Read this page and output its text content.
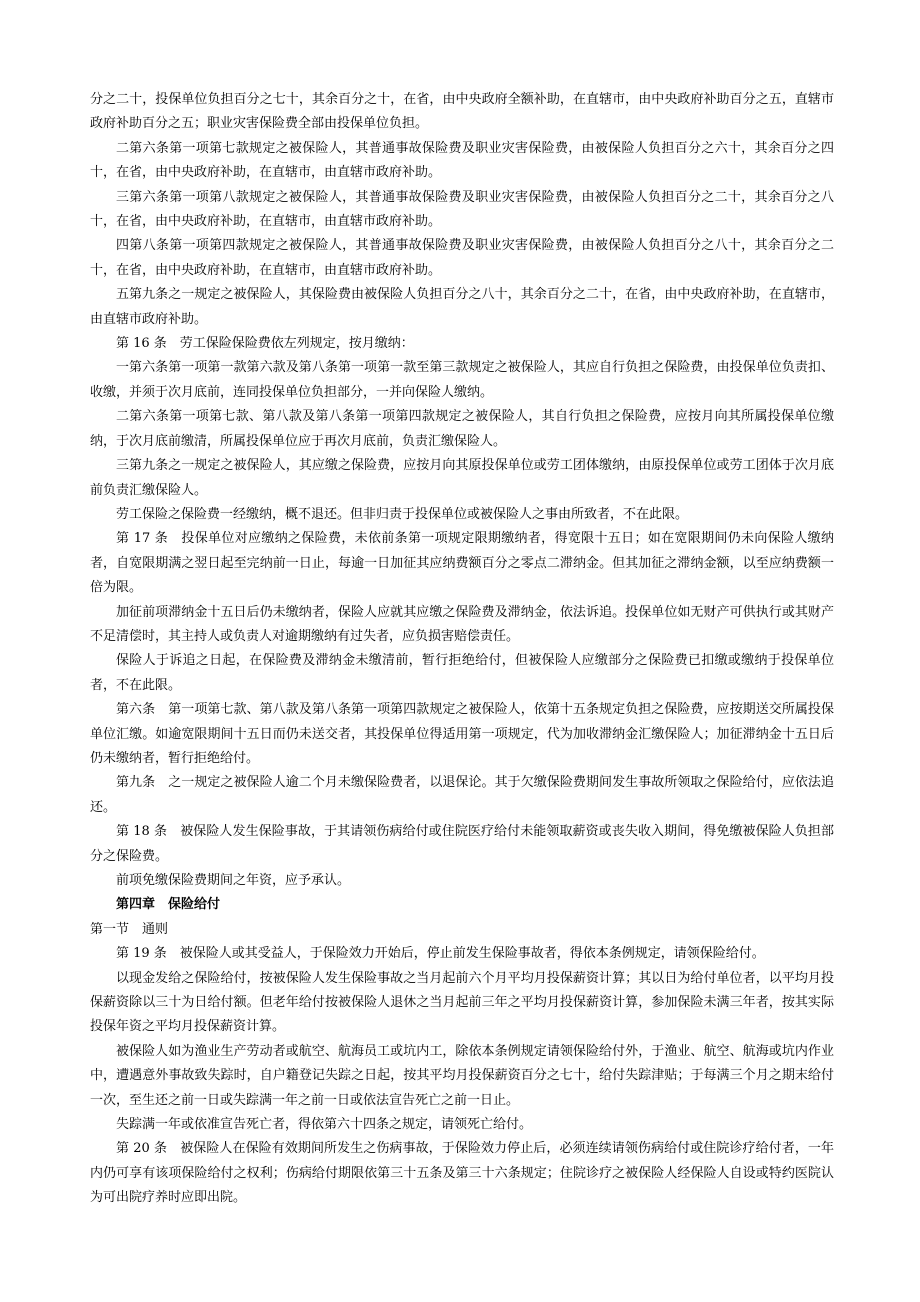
分之二十，投保单位负担百分之七十，其余百分之十，在省，由中央政府全额补助，在直辖市，由中央政府补助百分之五，直辖市政府补助百分之五；职业灾害保险费全部由投保单位负担。

二第六条第一项第七款规定之被保险人，其普通事故保险费及职业灾害保险费，由被保险人负担百分之六十，其余百分之四十，在省，由中央政府补助，在直辖市，由直辖市政府补助。

三第六条第一项第八款规定之被保险人，其普通事故保险费及职业灾害保险费，由被保险人负担百分之二十，其余百分之八十，在省，由中央政府补助，在直辖市，由直辖市政府补助。

四第八条第一项第四款规定之被保险人，其普通事故保险费及职业灾害保险费，由被保险人负担百分之八十，其余百分之二十，在省，由中央政府补助，在直辖市，由直辖市政府补助。

五第九条之一规定之被保险人，其保险费由被保险人负担百分之八十，其余百分之二十，在省，由中央政府补助，在直辖市，由直辖市政府补助。

第 16 条　劳工保险保险费依左列规定，按月缴纳：

一第六条第一项第一款第六款及第八条第一项第一款至第三款规定之被保险人，其应自行负担之保险费，由投保单位负责扣、收缴，并须于次月底前，连同投保单位负担部分，一并向保险人缴纳。

二第六条第一项第七款、第八款及第八条第一项第四款规定之被保险人，其自行负担之保险费，应按月向其所属投保单位缴纳，于次月底前缴清，所属投保单位应于再次月底前，负责汇缴保险人。

三第九条之一规定之被保险人，其应缴之保险费，应按月向其原投保单位或劳工团体缴纳，由原投保单位或劳工团体于次月底前负责汇缴保险人。

劳工保险之保险费一经缴纳，概不退还。但非归责于投保单位或被保险人之事由所致者，不在此限。

第 17 条　投保单位对应缴纳之保险费，未依前条第一项规定限期缴纳者，得宽限十五日；如在宽限期间仍未向保险人缴纳者，自宽限期满之翌日起至完纳前一日止，每逾一日加征其应纳费额百分之零点二滞纳金。但其加征之滞纳金额，以至应纳费额一倍为限。

加征前项滞纳金十五日后仍未缴纳者，保险人应就其应缴之保险费及滞纳金，依法诉追。投保单位如无财产可供执行或其财产不足清偿时，其主持人或负责人对逾期缴纳有过失者，应负损害赔偿责任。

保险人于诉追之日起，在保险费及滞纳金未缴清前，暂行拒绝给付，但被保险人应缴部分之保险费已扣缴或缴纳于投保单位者，不在此限。

第六条　第一项第七款、第八款及第八条第一项第四款规定之被保险人，依第十五条规定负担之保险费，应按期送交所属投保单位汇缴。如逾宽限期间十五日而仍未送交者，其投保单位得适用第一项规定，代为加收滞纳金汇缴保险人；加征滞纳金十五日后仍未缴纳者，暂行拒绝给付。

第九条　之一规定之被保险人逾二个月未缴保险费者，以退保论。其于欠缴保险费期间发生事故所领取之保险给付，应依法追还。

第 18 条　被保险人发生保险事故，于其请领伤病给付或住院医疗给付未能领取薪资或丧失收入期间，得免缴被保险人负担部分之保险费。

前项免缴保险费期间之年资，应予承认。

第四章　保险给付

第一节　通则

第 19 条　被保险人或其受益人，于保险效力开始后，停止前发生保险事故者，得依本条例规定，请领保险给付。

以现金发给之保险给付，按被保险人发生保险事故之当月起前六个月平均月投保薪资计算；其以日为给付单位者，以平均月投保薪资除以三十为日给付额。但老年给付按被保险人退休之当月起前三年之平均月投保薪资计算，参加保险未满三年者，按其实际投保年资之平均月投保薪资计算。

被保险人如为渔业生产劳动者或航空、航海员工或坑内工，除依本条例规定请领保险给付外，于渔业、航空、航海或坑内作业中，遭遇意外事故致失踪时，自户籍登记失踪之日起，按其平均月投保薪资百分之七十，给付失踪津贴；于每满三个月之期末给付一次，至生还之前一日或失踪满一年之前一日或依法宣告死亡之前一日止。

失踪满一年或依准宣告死亡者，得依第六十四条之规定，请领死亡给付。

第 20 条　被保险人在保险有效期间所发生之伤病事故，于保险效力停止后，必须连续请领伤病给付或住院诊疗给付者，一年内仍可享有该项保险给付之权利；伤病给付期限依第三十五条及第三十六条规定；住院诊疗之被保险人经保险人自设或特约医院认为可出院疗养时应即出院。
